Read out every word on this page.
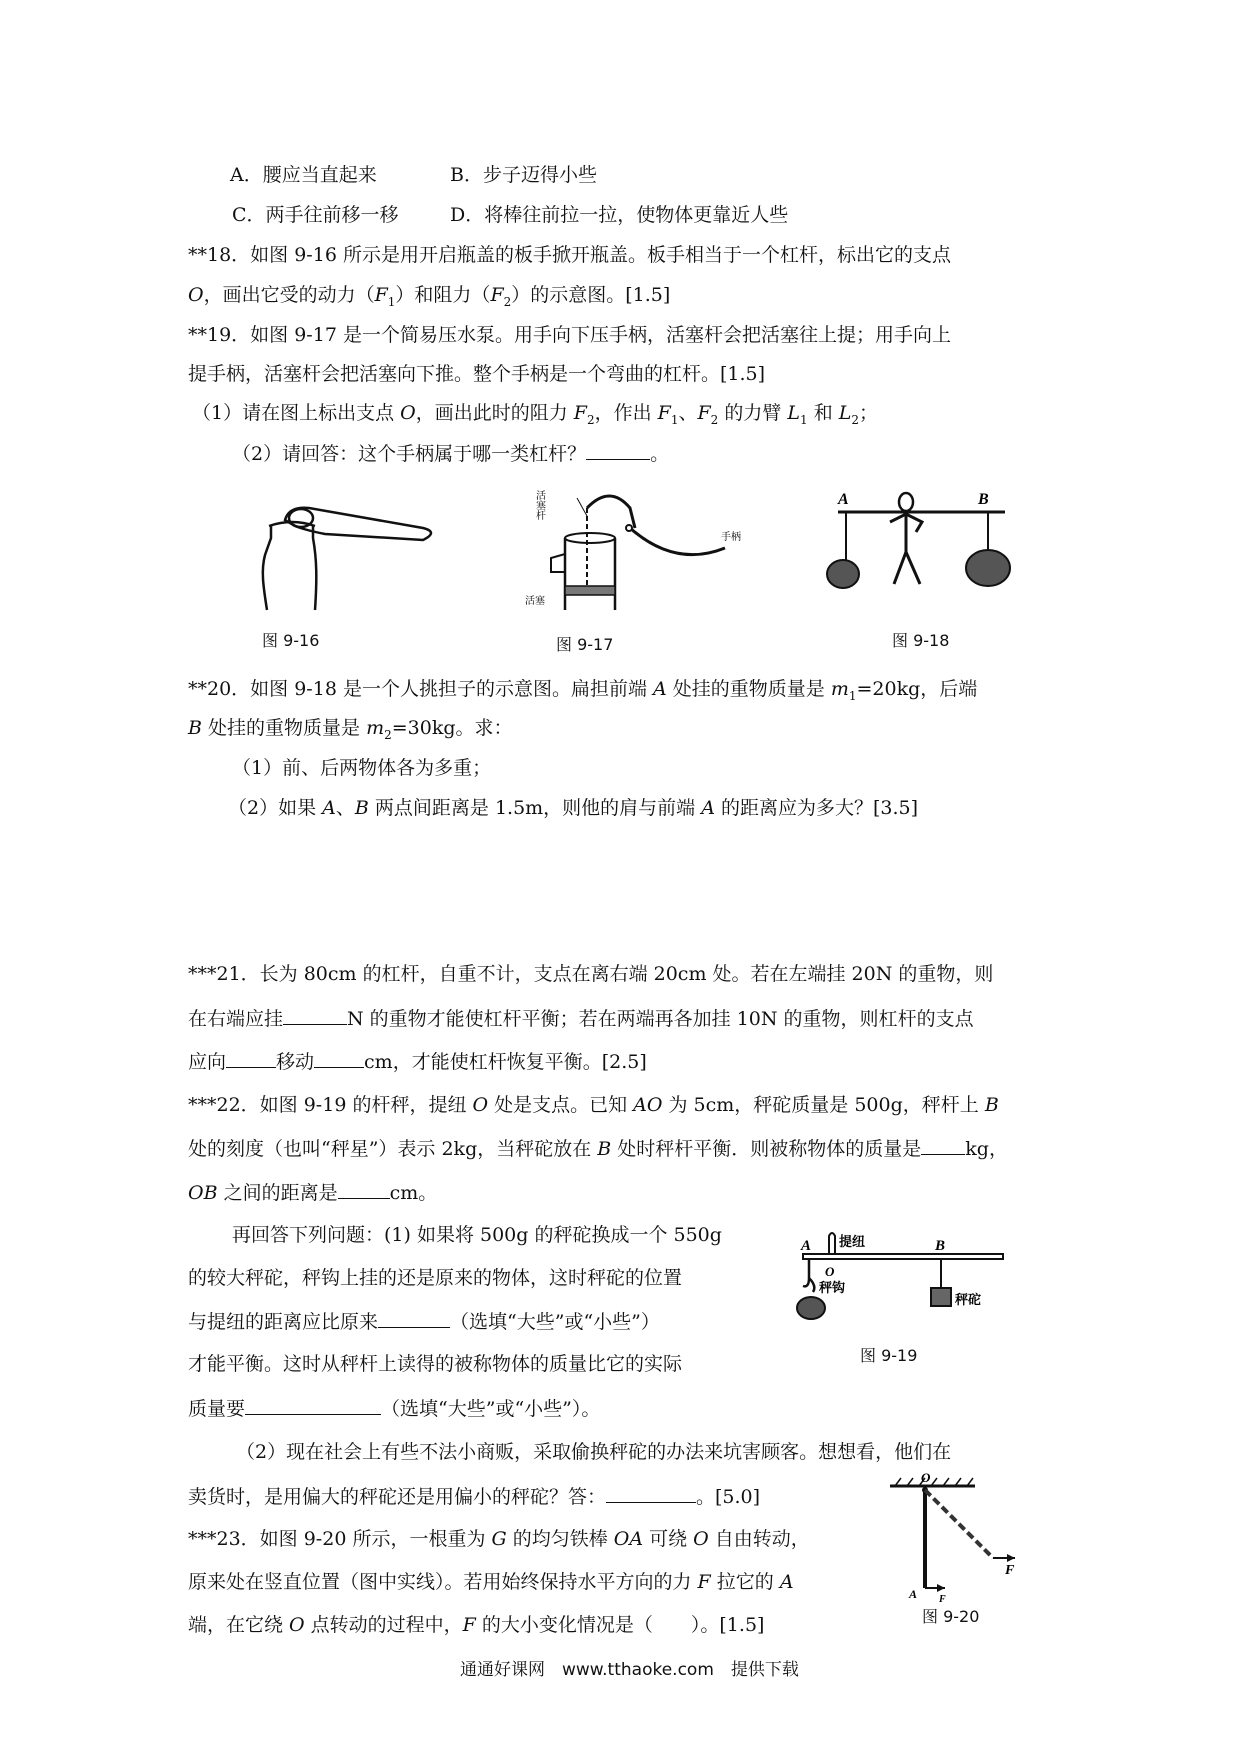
A．腰应当直起来	B．步子迈得小些
C．两手往前移一移	D．将棒往前拉一拉，使物体更靠近人些
**18．如图 9-16 所示是用开启瓶盖的板手掀开瓶盖。板手相当于一个杠杆，标出它的支点
O，画出它受的动力$(F_1)$和阻力$(F_2)$的示意图。[1.5]
**19．如图 9-17 是一个简易压水泵。用手向下压手柄，活塞杆会把活塞往上提；用手向上
提手柄，活塞杆会把活塞向下推。整个手柄是一个弯曲的杠杆。[1.5]
（1）请在图上标出支点 O，画出此时的阻力 $F_2$，作出 $F_1$、$F_2$ 的力臂 $L_1$ 和 $L_2$；
（2）请回答：这个手柄属于哪一类杠杆？	。
图 9-16
活塞杆
手柄
活塞
图 9-17
A	B
图 9-18
**20．如图 9-18 是一个人挑担子的示意图。扁担前端 A 处挂的重物质量是 $m_1=20kg$，后端
B 处挂的重物质量是 $m_2=30kg$。求：
（1）前、后两物体各为多重；
（2）如果 A、B 两点间距离是 1.5m，则他的肩与前端 A 的距离应为多大？[3.5]
***21．长为 80cm 的杠杆，自重不计，支点在离右端 20cm 处。若在左端挂 20N 的重物，则
在右端应挂	N 的重物才能使杠杆平衡；若在两端再各加挂 10N 的重物，则杠杆的支点
应向	移动	cm，才能使杠杆恢复平衡。[2.5]
***22．如图 9-19 的杆秤，提纽 O 处是支点。已知 AO 为 5cm，秤砣质量是 500g，秤杆上 B
处的刻度（也叫“秤星”）表示 2kg，当秤砣放在 B 处时秤杆平衡．则被称物体的质量是 kg，
OB 之间的距离是	cm。
再回答下列问题：(1) 如果将 500g 的秤砣换成一个 550g
的较大秤砣，秤钩上挂的还是原来的物体，这时秤砣的位置
与提纽的距离应比原来	（选填“大些”或“小些”）
才能平衡。这时从秤杆上读得的被称物体的质量比它的实际
质量要	（选填“大些”或“小些”）。
A
O
B
提纽
秤钩
秤砣
图 9-19
（2）现在社会上有些不法小商贩，采取偷换秤砣的办法来坑害顾客。想想看，他们在
卖货时，是用偏大的秤砣还是用偏小的秤砣？答：	。[5.0]
O
F
A F
图 9-20
***23．如图 9-20 所示，一根重为 G 的均匀铁棒 OA 可绕 O 自由转动，
原来处在竖直位置（图中实线）。若用始终保持水平方向的力 F 拉它的 A
端，在它绕 O 点转动的过程中，F 的大小变化情况是（　　）。[1.5]
通通好课网　www.tthaoke.com　提供下载
